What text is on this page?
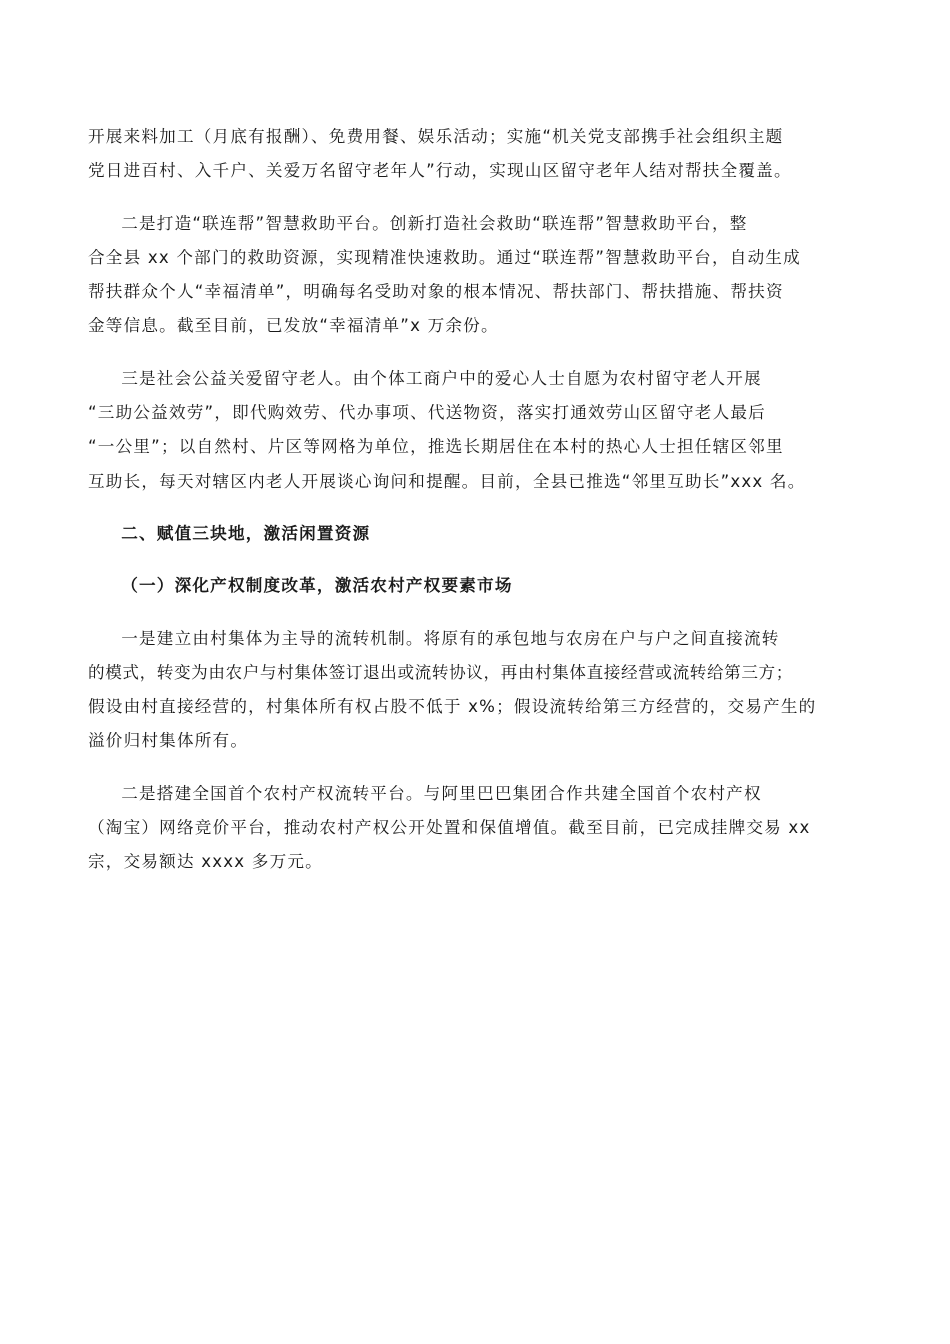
开展来料加工（月底有报酬）、免费用餐、娱乐活动；实施“机关党支部携手社会组织主题
党日进百村、入千户、关爱万名留守老年人”行动，实现山区留守老年人结对帮扶全覆盖。

二是打造“联连帮”智慧救助平台。创新打造社会救助“联连帮”智慧救助平台，整
合全县 xx 个部门的救助资源，实现精准快速救助。通过“联连帮”智慧救助平台，自动生成
帮扶群众个人“幸福清单”，明确每名受助对象的根本情况、帮扶部门、帮扶措施、帮扶资
金等信息。截至目前，已发放“幸福清单”x 万余份。

三是社会公益关爱留守老人。由个体工商户中的爱心人士自愿为农村留守老人开展
“三助公益效劳”，即代购效劳、代办事项、代送物资，落实打通效劳山区留守老人最后
“一公里”；以自然村、片区等网格为单位，推选长期居住在本村的热心人士担任辖区邻里
互助长，每天对辖区内老人开展谈心询问和提醒。目前，全县已推选“邻里互助长”xxx 名。

二、赋值三块地，激活闲置资源

（一）深化产权制度改革，激活农村产权要素市场

一是建立由村集体为主导的流转机制。将原有的承包地与农房在户与户之间直接流转
的模式，转变为由农户与村集体签订退出或流转协议，再由村集体直接经营或流转给第三方；
假设由村直接经营的，村集体所有权占股不低于 x%；假设流转给第三方经营的，交易产生的
溢价归村集体所有。

二是搭建全国首个农村产权流转平台。与阿里巴巴集团合作共建全国首个农村产权
（淘宝）网络竞价平台，推动农村产权公开处置和保值增值。截至目前，已完成挂牌交易 xx
宗，交易额达 xxxx 多万元。
